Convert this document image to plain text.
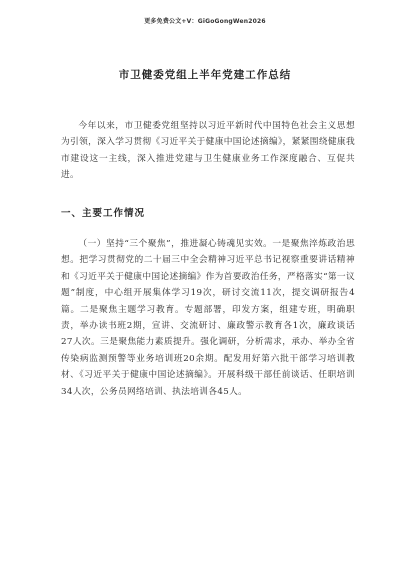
更多免费公文+V：GiGoGongWen2026
市卫健委党组上半年党建工作总结

今年以来，市卫健委党组坚持以习近平新时代中国特色社会主义思想为引领，深入学习贯彻《习近平关于健康中国论述摘编》，紧紧围绕健康我市建设这一主线，深入推进党建与卫生健康业务工作深度融合、互促共进。

一、主要工作情况

（一）坚持“三个聚焦”，推进凝心铸魂见实效。一是聚焦淬炼政治思想。把学习贯彻党的二十届三中全会精神习近平总书记视察重要讲话精神和《习近平关于健康中国论述摘编》作为首要政治任务，严格落实“第一议题”制度，中心组开展集体学习19次，研讨交流11次，提交调研报告4篇。二是聚焦主题学习教育。专题部署，印发方案，组建专班，明确职责，举办读书班2期，宣讲、交流研讨、廉政警示教育各1次，廉政谈话27人次。三是聚焦能力素质提升。强化调研，分析需求，承办、举办全省传染病监测预警等业务培训班20余期。配发用好第六批干部学习培训教材、《习近平关于健康中国论述摘编》。开展科级干部任前谈话、任职培训34人次，公务员网络培训、执法培训各45人。
